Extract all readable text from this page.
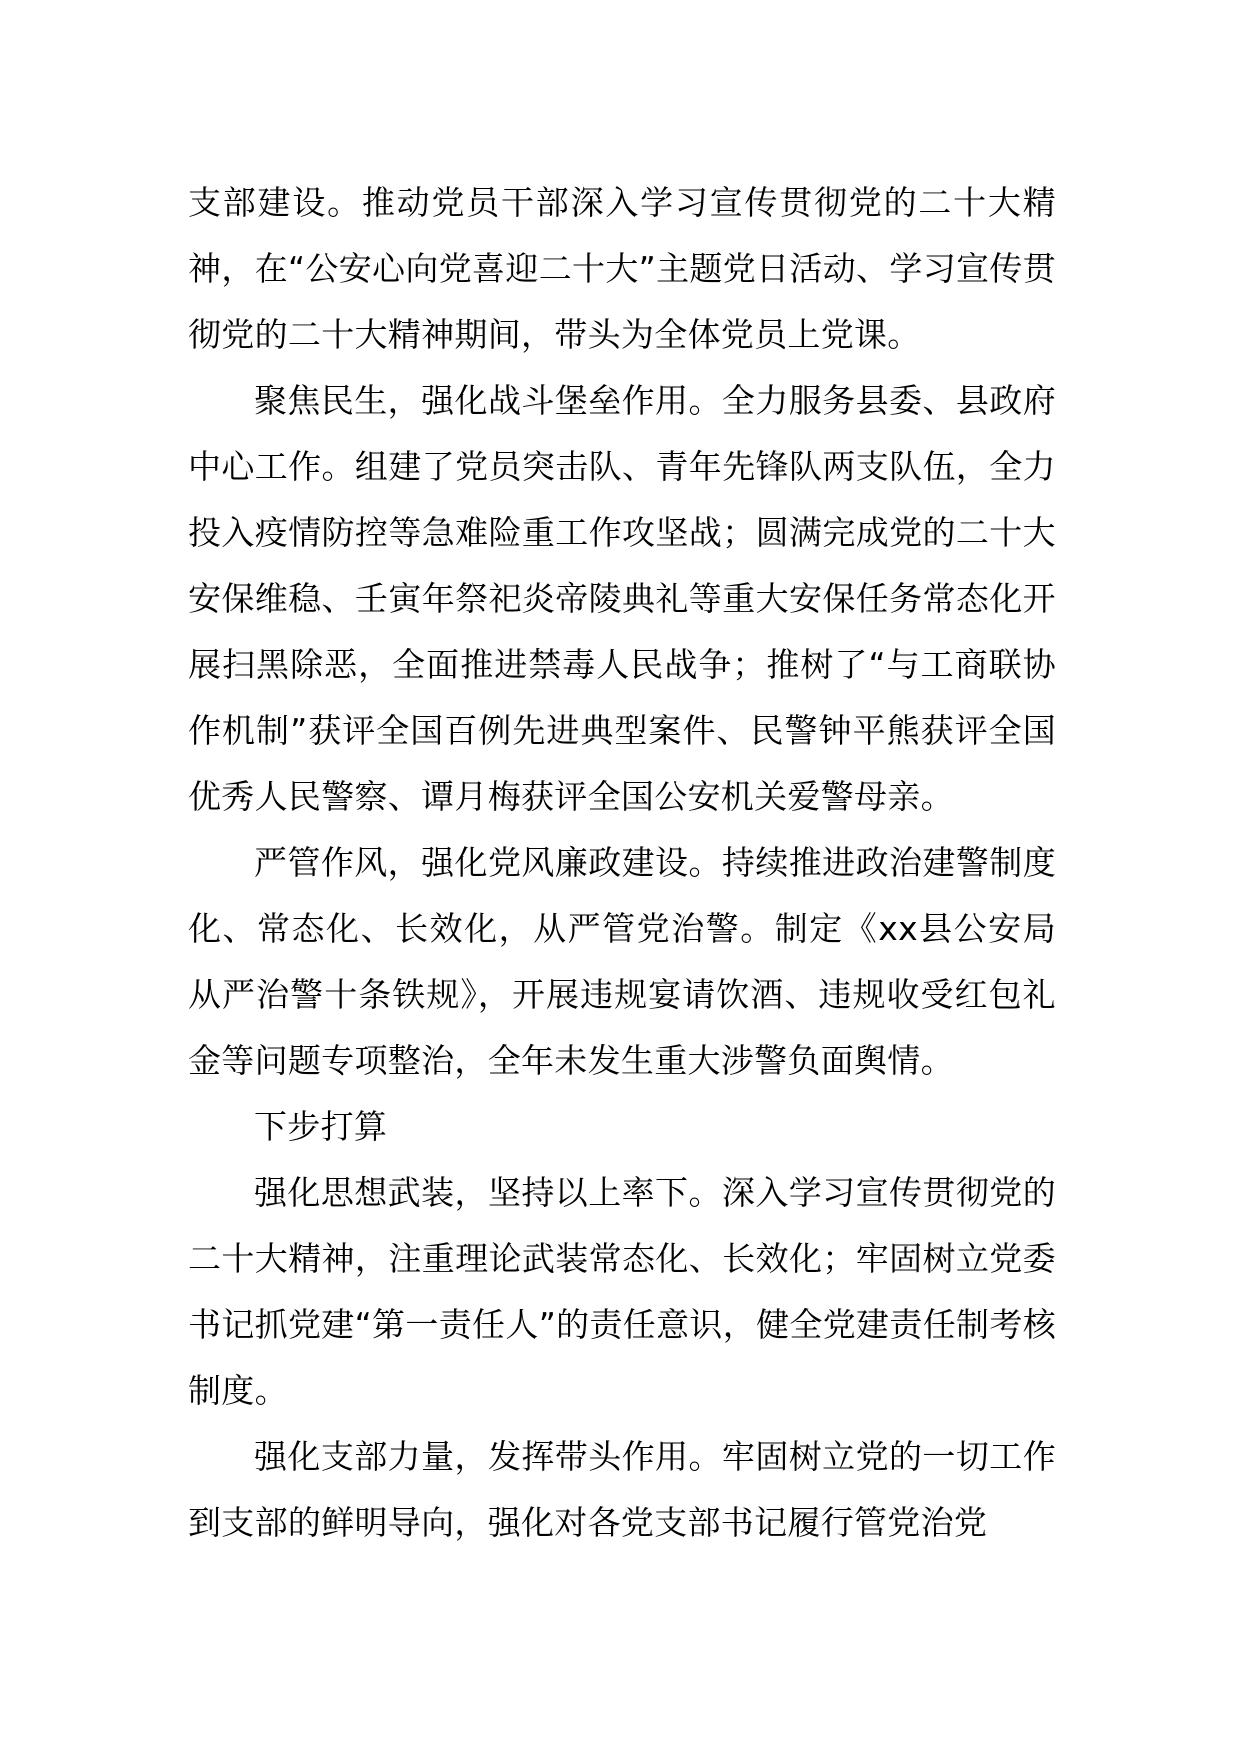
支部建设。推动党员干部深入学习宣传贯彻党的二十大精神，在“公安心向党喜迎二十大”主题党日活动、学习宣传贯彻党的二十大精神期间，带头为全体党员上党课。

聚焦民生，强化战斗堡垒作用。全力服务县委、县政府中心工作。组建了党员突击队、青年先锋队两支队伍，全力投入疫情防控等急难险重工作攻坚战；圆满完成党的二十大安保维稳、壬寅年祭祀炎帝陵典礼等重大安保任务常态化开展扫黑除恶，全面推进禁毒人民战争；推树了“与工商联协作机制”获评全国百例先进典型案件、民警钟平熊获评全国优秀人民警察、谭月梅获评全国公安机关爱警母亲。

严管作风，强化党风廉政建设。持续推进政治建警制度化、常态化、长效化，从严管党治警。制定《xx县公安局从严治警十条铁规》，开展违规宴请饮酒、违规收受红包礼金等问题专项整治，全年未发生重大涉警负面舆情。

下步打算

强化思想武装，坚持以上率下。深入学习宣传贯彻党的二十大精神，注重理论武装常态化、长效化；牢固树立党委书记抓党建“第一责任人”的责任意识，健全党建责任制考核制度。

强化支部力量，发挥带头作用。牢固树立党的一切工作到支部的鲜明导向，强化对各党支部书记履行管党治党
